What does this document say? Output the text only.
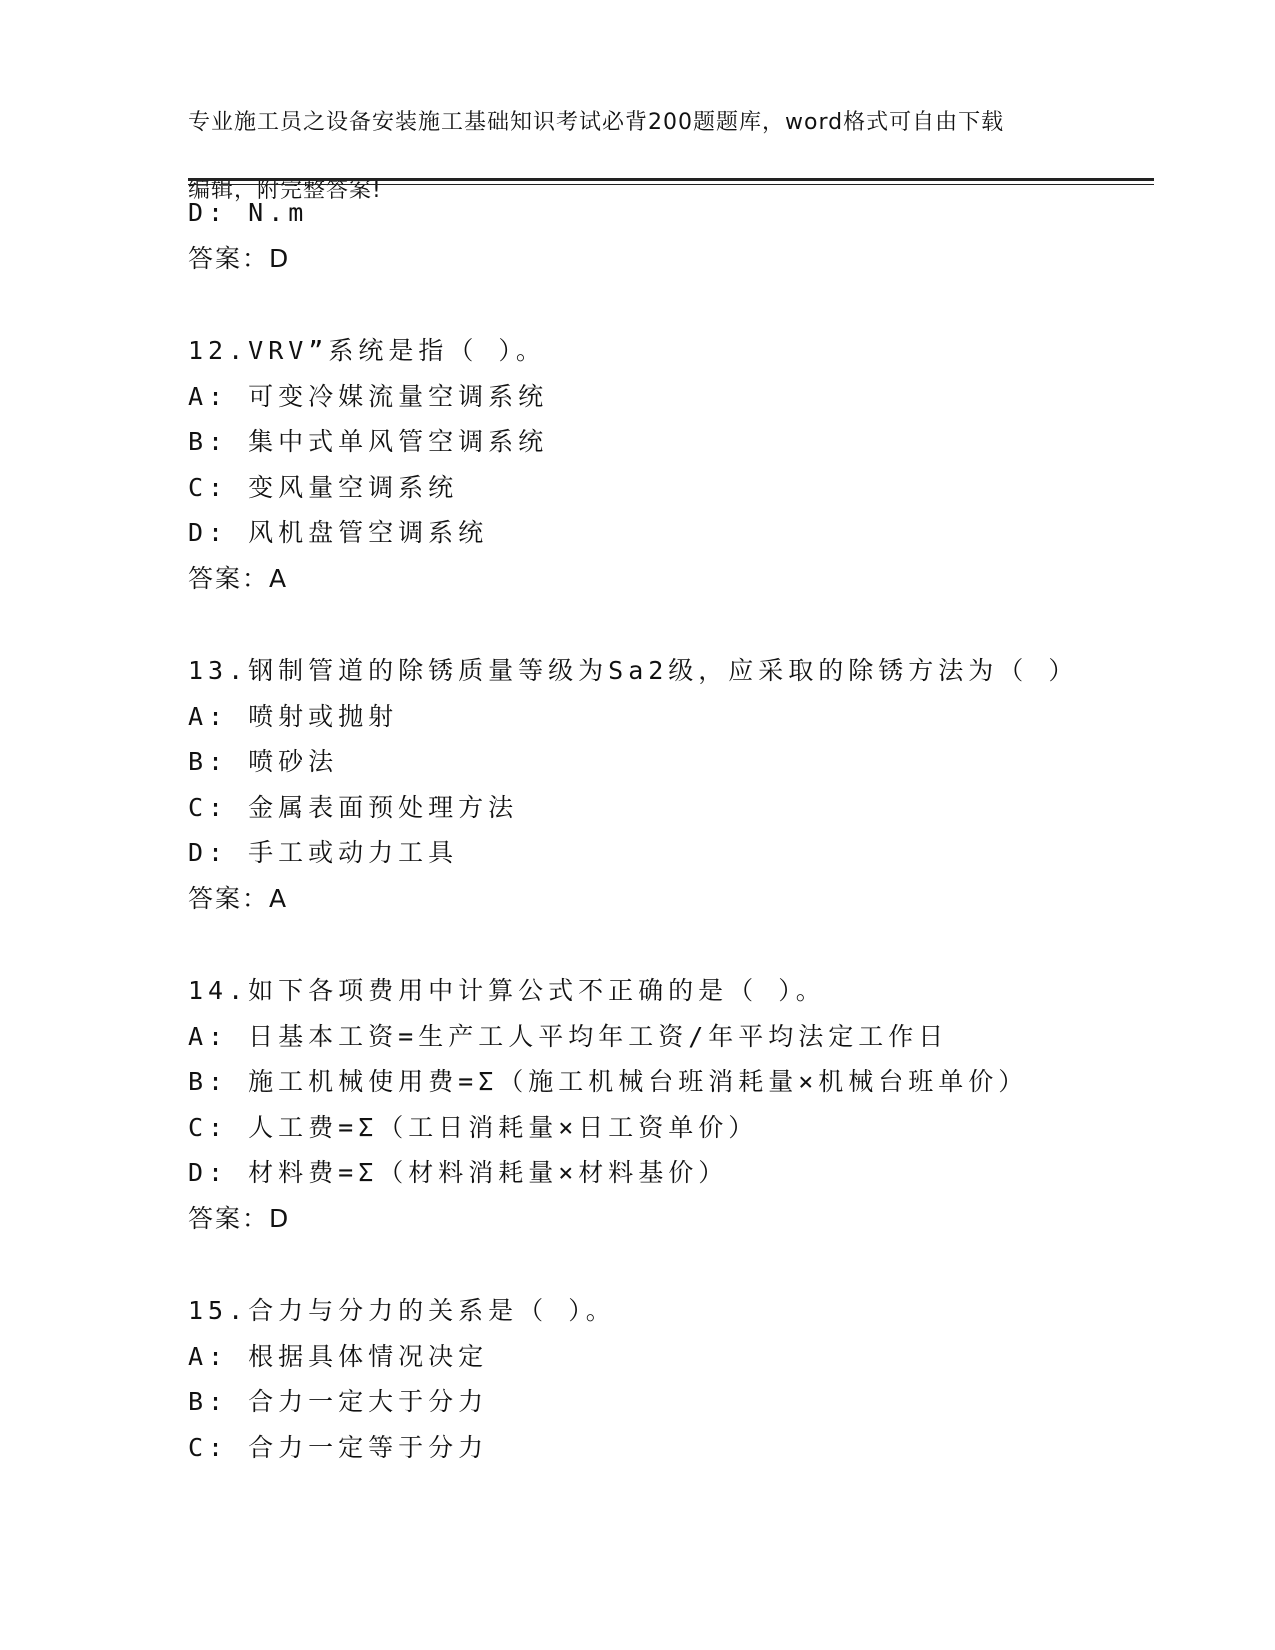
专业施工员之设备安装施工基础知识考试必背200题题库，word格式可自由下载

编辑，附完整答案!

D: N.m
答案：D
12.VRV”系统是指（ ）。
A: 可变冷媒流量空调系统
B: 集中式单风管空调系统
C: 变风量空调系统
D: 风机盘管空调系统
答案：A
13.钢制管道的除锈质量等级为Sa2级，应采取的除锈方法为（ ）
A: 喷射或抛射
B: 喷砂法
C: 金属表面预处理方法
D: 手工或动力工具
答案：A
14.如下各项费用中计算公式不正确的是（ ）。
A: 日基本工资=生产工人平均年工资/年平均法定工作日
B: 施工机械使用费=Σ（施工机械台班消耗量×机械台班单价）
C: 人工费=Σ（工日消耗量×日工资单价）
D: 材料费=Σ（材料消耗量×材料基价）
答案：D
15.合力与分力的关系是（ ）。
A: 根据具体情况决定
B: 合力一定大于分力
C: 合力一定等于分力
